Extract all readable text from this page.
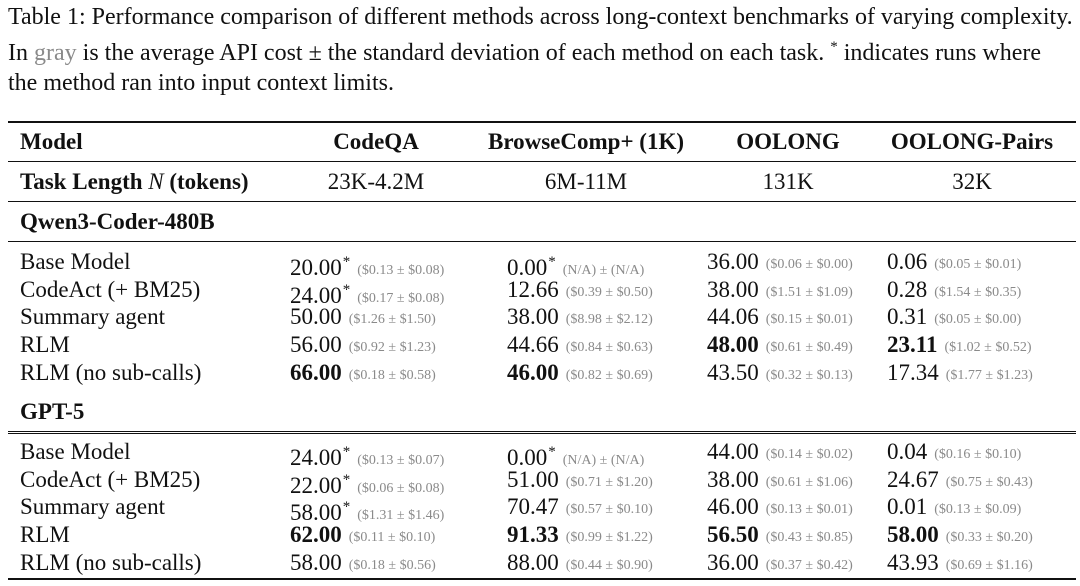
Table 1: Performance comparison of different methods across long-context benchmarks of varying complexity. In gray is the average API cost ± the standard deviation of each method on each task. * indicates runs where the method ran into input context limits.

Model	CodeQA	BrowseComp+ (1K) OOLONG OOLONG-Pairs
Task Length N (tokens)	23K-4.2M	6M-11M	131K	32K
Qwen3-Coder-480B
Base Model	20.00*($0.13 ± $0.08)	0.00*(N/A) ± (N/A)	36.00 ($0.06 ± $0.00) 0.06 ($0.05 ± $0.01)
CodeAct (+ BM25)	24.00*($0.17 ± $0.08)	12.66 ($0.39 ± $0.50) 38.00 ($1.51 ± $1.09) 0.28 ($1.54 ± $0.35)
Summary agent	50.00 ($1.26 ± $1.50)	38.00 ($8.98 ± $2.12) 44.06 ($0.15 ± $0.01) 0.31 ($0.05 ± $0.00)
RLM	56.00 ($0.92 ± $1.23)	44.66 ($0.84 ± $0.63) 48.00 ($0.61 ± $0.49) 23.11 ($1.02 ± $0.52)
RLM (no sub-calls)	66.00 ($0.18 ± $0.58)	46.00 ($0.82 ± $0.69) 43.50 ($0.32 ± $0.13) 17.34 ($1.77 ± $1.23)
GPT-5
Base Model	24.00*($0.13 ± $0.07)	0.00*(N/A) ± (N/A)	44.00 ($0.14 ± $0.02) 0.04 ($0.16 ± $0.10)
CodeAct (+ BM25)	22.00*($0.06 ± $0.08)	51.00 ($0.71 ± $1.20) 38.00 ($0.61 ± $1.06) 24.67 ($0.75 ± $0.43)
Summary agent	58.00*($1.31 ± $1.46)	70.47 ($0.57 ± $0.10) 46.00 ($0.13 ± $0.01) 0.01 ($0.13 ± $0.09)
RLM	62.00 ($0.11 ± $0.10)	91.33 ($0.99 ± $1.22) 56.50 ($0.43 ± $0.85) 58.00 ($0.33 ± $0.20)
RLM (no sub-calls)	58.00 ($0.18 ± $0.56)	88.00 ($0.44 ± $0.90) 36.00 ($0.37 ± $0.42) 43.93 ($0.69 ± $1.16)
